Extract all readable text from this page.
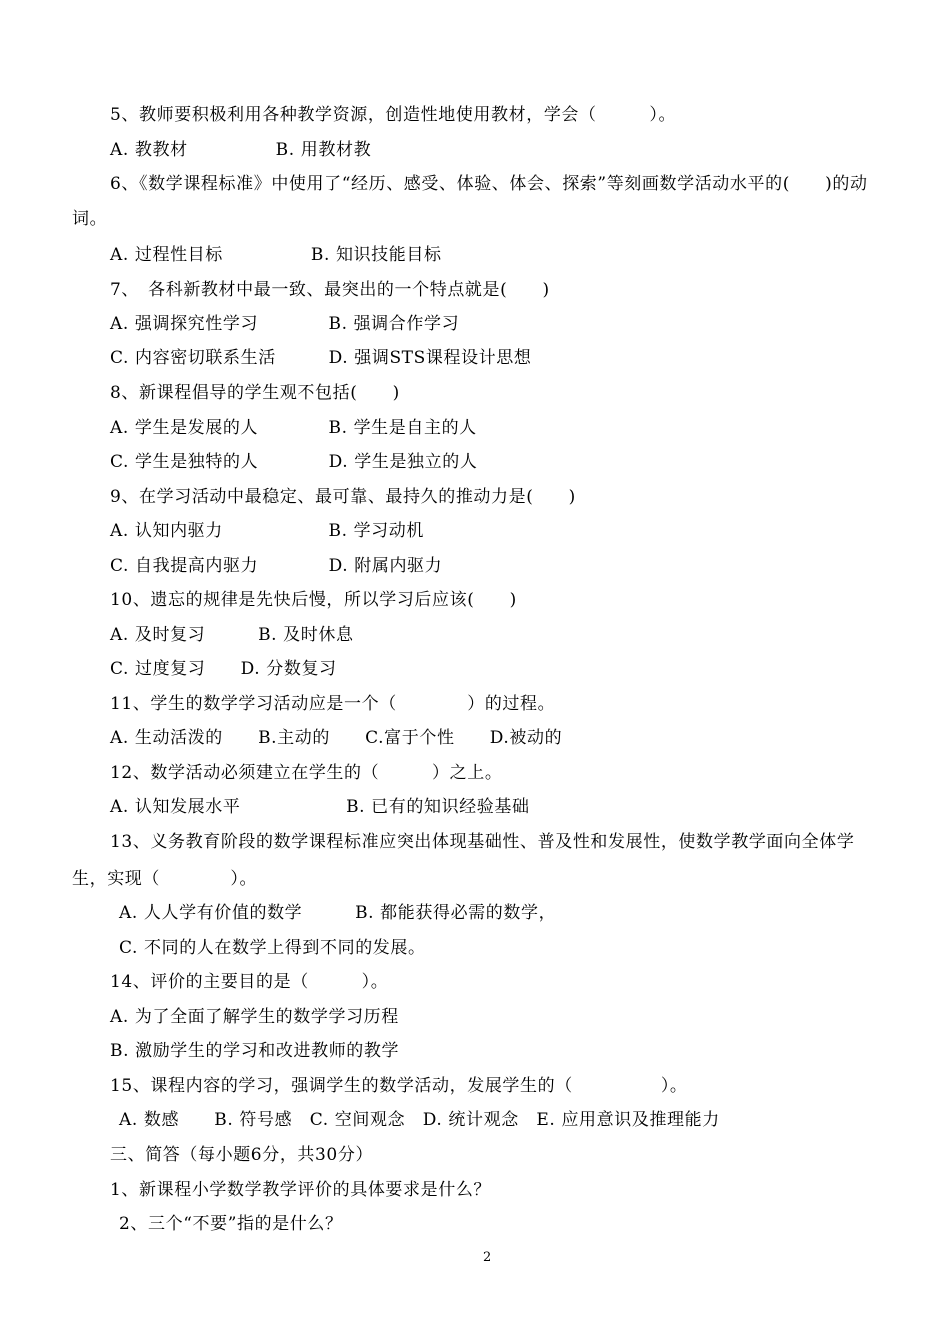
5、教师要积极利用各种教学资源，创造性地使用教材，学会（　　　）。
A. 教教材　　　　　B. 用教材教
6、《数学课程标准》中使用了“经历、感受、体验、体会、探索”等刻画数学活动水平的(　　)的动
词。
A. 过程性目标　　　　　B. 知识技能目标
7、　各科新教材中最一致、最突出的一个特点就是(　　)
A. 强调探究性学习　　　　B. 强调合作学习
C. 内容密切联系生活　　　D. 强调STS课程设计思想
8、新课程倡导的学生观不包括(　　)
A. 学生是发展的人　　　　B. 学生是自主的人
C. 学生是独特的人　　　　D. 学生是独立的人
9、在学习活动中最稳定、最可靠、最持久的推动力是(　　)
A. 认知内驱力　　　　　　B. 学习动机
C. 自我提高内驱力　　　　D. 附属内驱力
10、遗忘的规律是先快后慢，所以学习后应该(　　)
A. 及时复习　　　B. 及时休息
C. 过度复习　　D. 分数复习
11、学生的数学学习活动应是一个（　　　　）的过程。
A. 生动活泼的　　B.主动的　　C.富于个性　　D.被动的
12、数学活动必须建立在学生的（　　　）之上。
A. 认知发展水平　　　　　　B. 已有的知识经验基础
13、义务教育阶段的数学课程标准应突出体现基础性、普及性和发展性，使数学教学面向全体学
生，实现（　　　　）。
A. 人人学有价值的数学　　　B. 都能获得必需的数学，
C. 不同的人在数学上得到不同的发展。
14、评价的主要目的是（　　　）。
A. 为了全面了解学生的数学学习历程
B. 激励学生的学习和改进教师的教学
15、课程内容的学习，强调学生的数学活动，发展学生的（　　　　　）。
A. 数感　　B. 符号感　C. 空间观念　D. 统计观念　E. 应用意识及推理能力
三、简答（每小题6分，共30分）
1、新课程小学数学教学评价的具体要求是什么？
2、三个“不要”指的是什么？
2
